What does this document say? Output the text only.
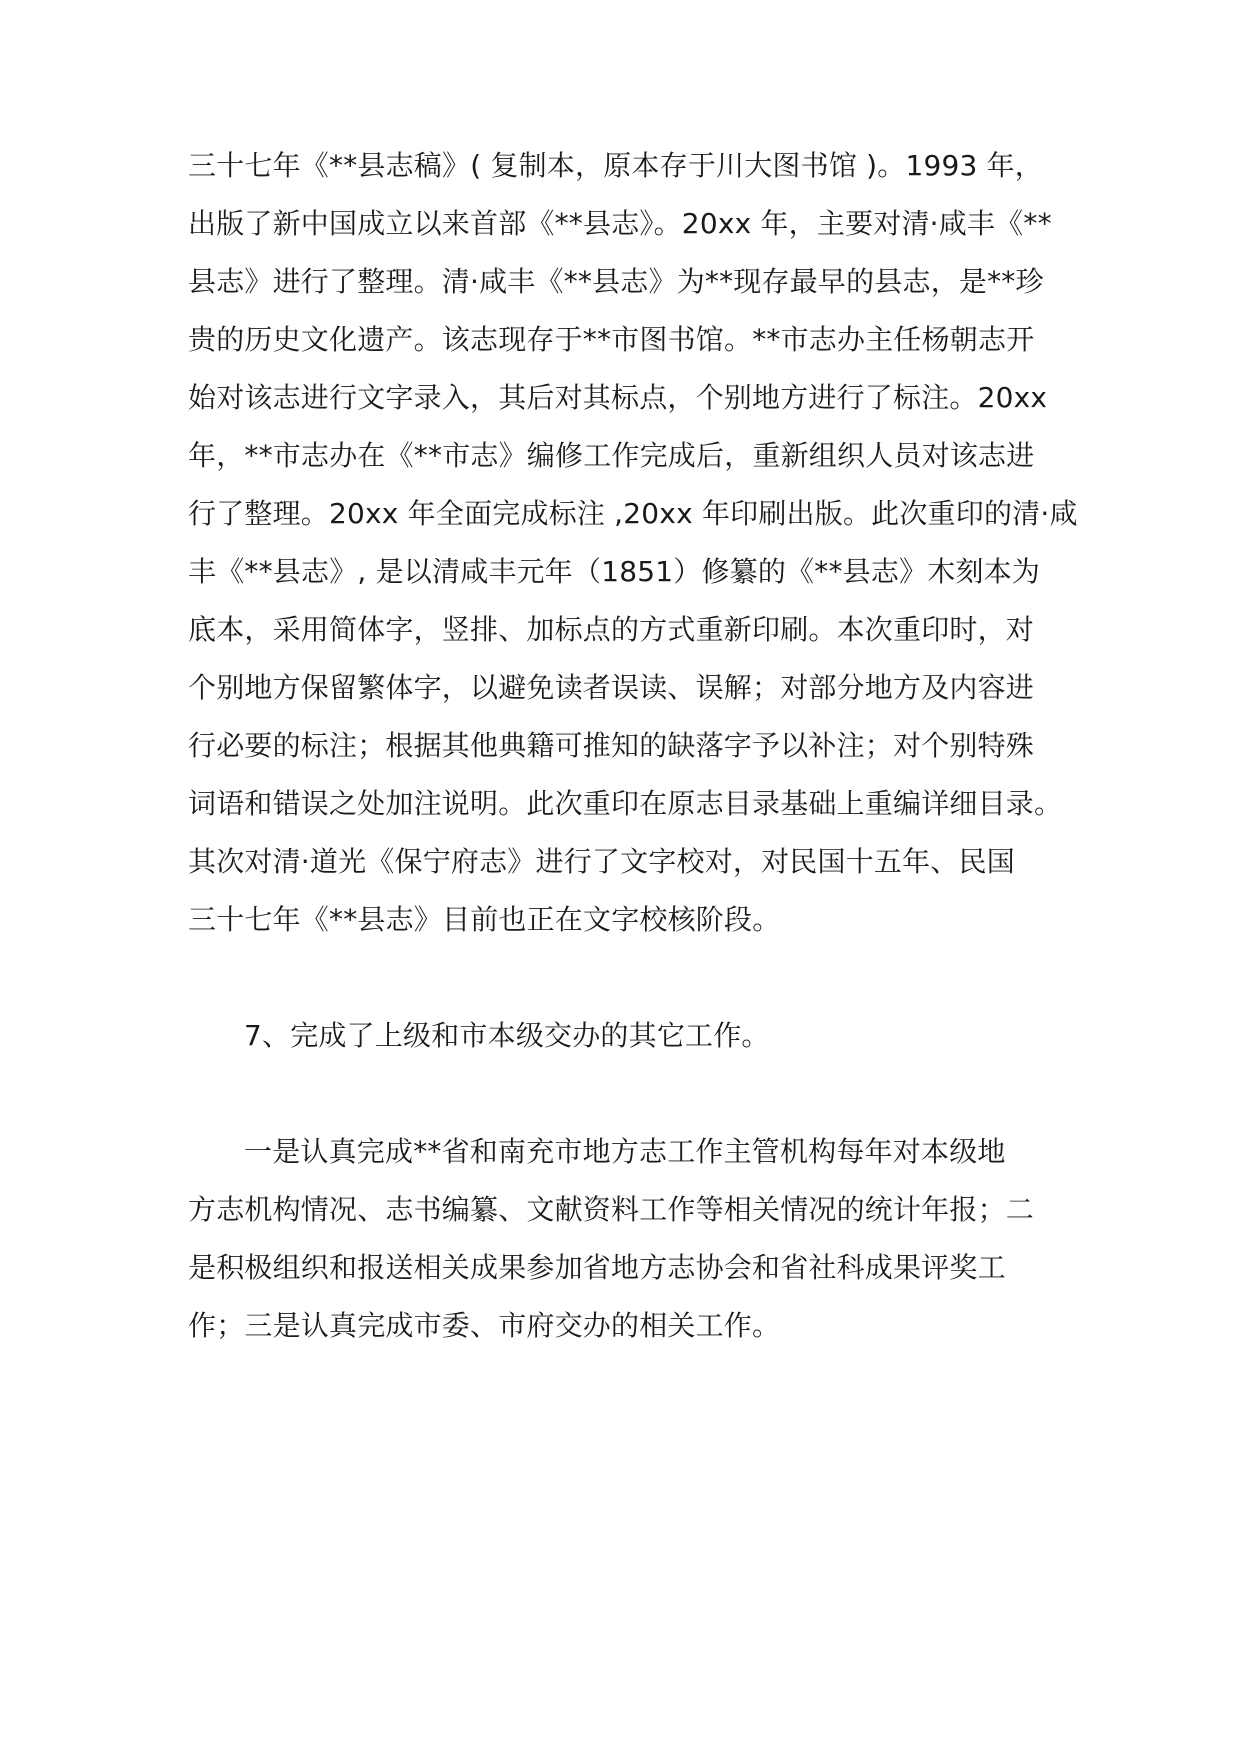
三十七年《**县志稿》( 复制本，原本存于川大图书馆 )。1993 年，
出版了新中国成立以来首部《**县志》。20xx 年，主要对清·咸丰《**
县志》进行了整理。清·咸丰《**县志》为**现存最早的县志，是**珍
贵的历史文化遗产。该志现存于**市图书馆。**市志办主任杨朝志开
始对该志进行文字录入，其后对其标点，个别地方进行了标注。20xx
年，**市志办在《**市志》编修工作完成后，重新组织人员对该志进
行了整理。20xx 年全面完成标注 ,20xx 年印刷出版。此次重印的清·咸
丰《**县志》, 是以清咸丰元年（1851）修纂的《**县志》木刻本为
底本，采用简体字，竖排、加标点的方式重新印刷。本次重印时，对
个别地方保留繁体字，以避免读者误读、误解；对部分地方及内容进
行必要的标注；根据其他典籍可推知的缺落字予以补注；对个别特殊
词语和错误之处加注说明。此次重印在原志目录基础上重编详细目录。
其次对清·道光《保宁府志》进行了文字校对，对民国十五年、民国
三十七年《**县志》目前也正在文字校核阶段。
7、完成了上级和市本级交办的其它工作。
一是认真完成**省和南充市地方志工作主管机构每年对本级地
方志机构情况、志书编纂、文献资料工作等相关情况的统计年报；二
是积极组织和报送相关成果参加省地方志协会和省社科成果评奖工
作；三是认真完成市委、市府交办的相关工作。
